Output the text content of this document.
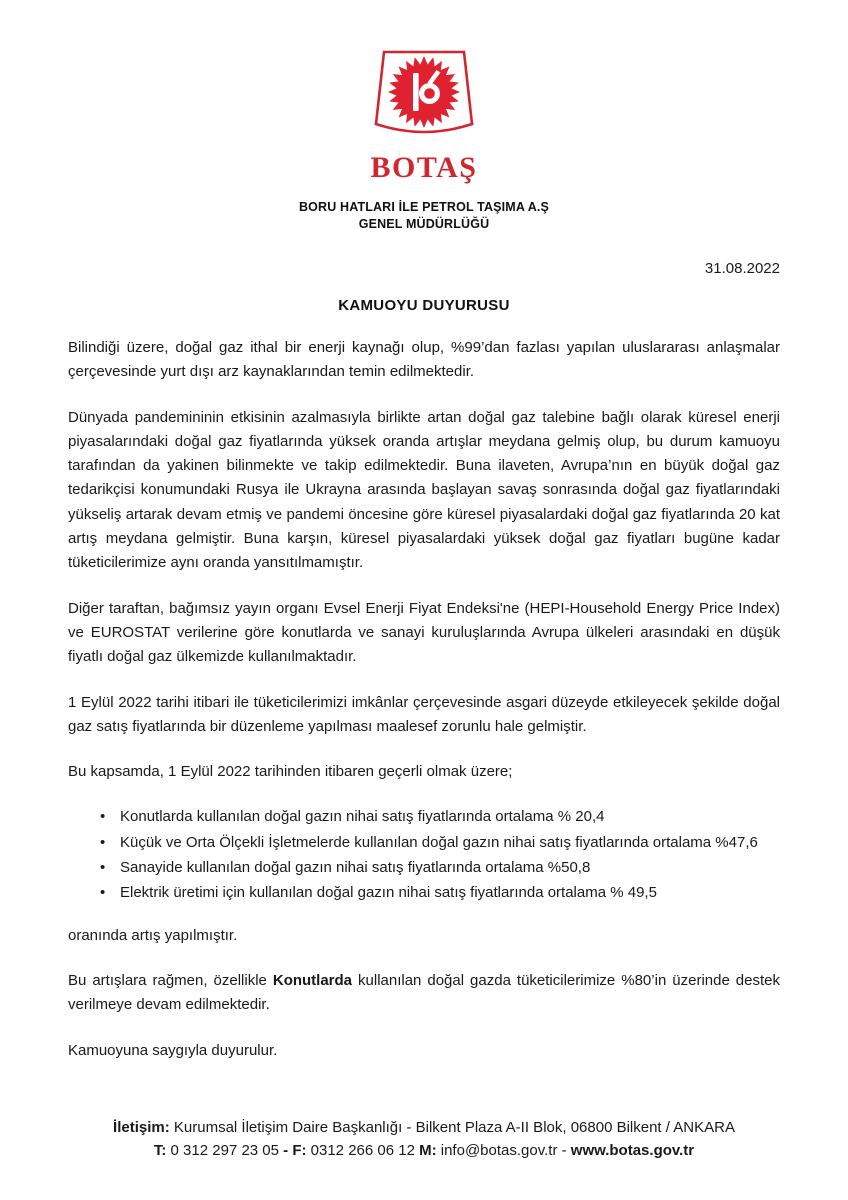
BOTAŞ
BORU HATLARI İLE PETROL TAŞIMA A.Ş
GENEL MÜDÜRLÜĞÜ
31.08.2022
KAMUOYU DUYURUSU

Bilindiği üzere, doğal gaz ithal bir enerji kaynağı olup, %99’dan fazlası yapılan uluslararası anlaşmalar çerçevesinde yurt dışı arz kaynaklarından temin edilmektedir.

Dünyada pandemininin etkisinin azalmasıyla birlikte artan doğal gaz talebine bağlı olarak küresel enerji piyasalarındaki doğal gaz fiyatlarında yüksek oranda artışlar meydana gelmiş olup, bu durum kamuoyu tarafından da yakinen bilinmekte ve takip edilmektedir. Buna ilaveten, Avrupa’nın en büyük doğal gaz tedarikçisi konumundaki Rusya ile Ukrayna arasında başlayan savaş sonrasında doğal gaz fiyatlarındaki yükseliş artarak devam etmiş ve pandemi öncesine göre küresel piyasalardaki doğal gaz fiyatlarında 20 kat artış meydana gelmiştir. Buna karşın, küresel piyasalardaki yüksek doğal gaz fiyatları bugüne kadar tüketicilerimize aynı oranda yansıtılmamıştır.

Diğer taraftan, bağımsız yayın organı Evsel Enerji Fiyat Endeksi'ne (HEPI-Household Energy Price Index) ve EUROSTAT verilerine göre konutlarda ve sanayi kuruluşlarında Avrupa ülkeleri arasındaki en düşük fiyatlı doğal gaz ülkemizde kullanılmaktadır.

1 Eylül 2022 tarihi itibari ile tüketicilerimizi imkânlar çerçevesinde asgari düzeyde etkileyecek şekilde doğal gaz satış fiyatlarında bir düzenleme yapılması maalesef zorunlu hale gelmiştir.

Bu kapsamda, 1 Eylül 2022 tarihinden itibaren geçerli olmak üzere;

• Konutlarda kullanılan doğal gazın nihai satış fiyatlarında ortalama % 20,4
• Küçük ve Orta Ölçekli İşletmelerde kullanılan doğal gazın nihai satış fiyatlarında ortalama %47,6
• Sanayide kullanılan doğal gazın nihai satış fiyatlarında ortalama %50,8
• Elektrik üretimi için kullanılan doğal gazın nihai satış fiyatlarında ortalama % 49,5

oranında artış yapılmıştır.

Bu artışlara rağmen, özellikle Konutlarda kullanılan doğal gazda tüketicilerimize %80’in üzerinde destek verilmeye devam edilmektedir.

Kamuoyuna saygıyla duyurulur.

İletişim: Kurumsal İletişim Daire Başkanlığı - Bilkent Plaza A-II Blok, 06800 Bilkent / ANKARA
T: 0 312 297 23 05 - F: 0312 266 06 12 M: info@botas.gov.tr - www.botas.gov.tr
